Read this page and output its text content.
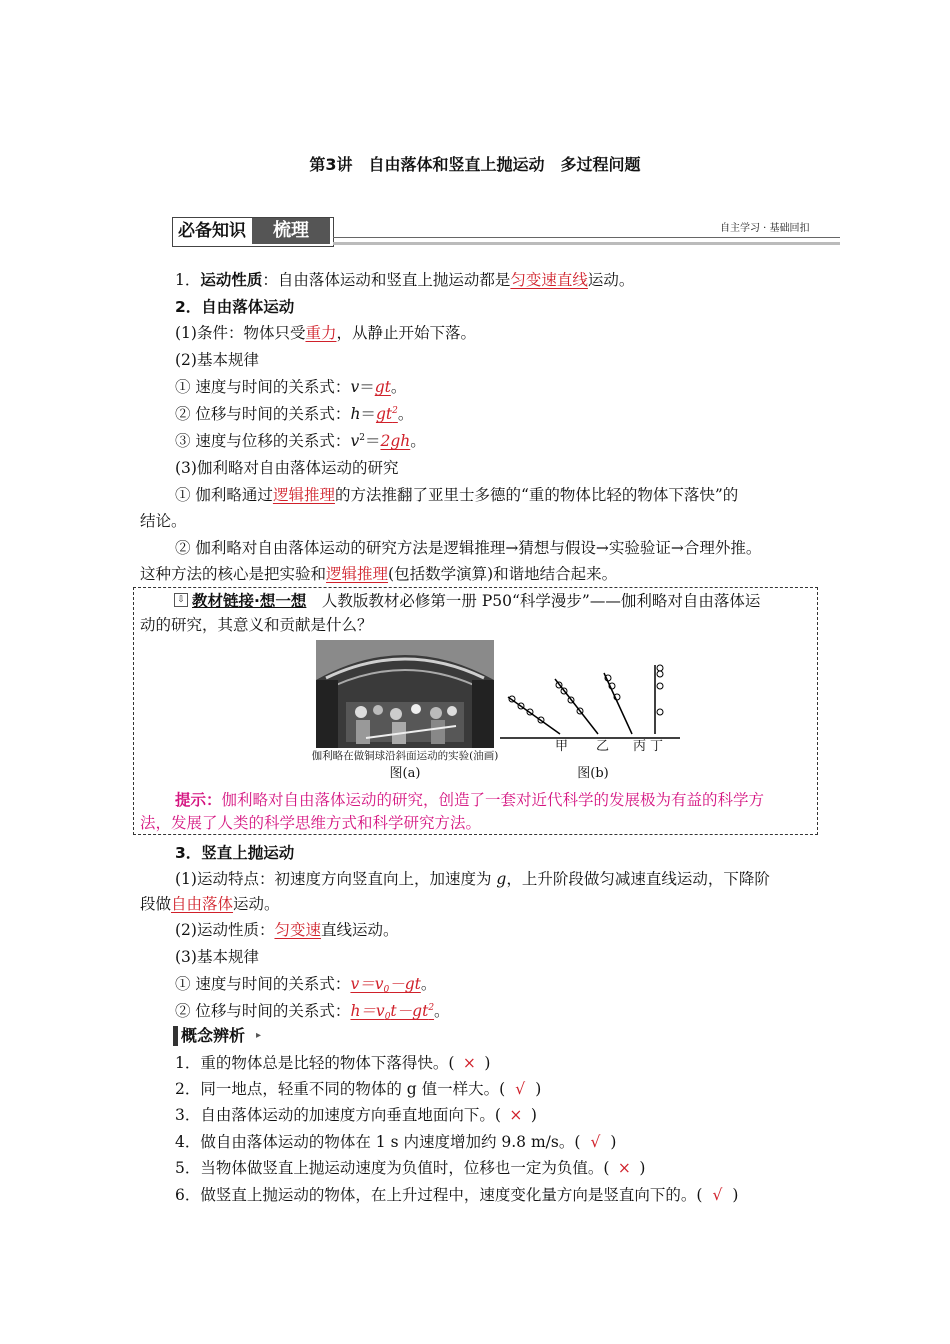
第3讲　自由落体和竖直上抛运动　多过程问题
必备知识	梳理	自主学习 · 基础回扣
1．运动性质：自由落体运动和竖直上抛运动都是匀变速直线运动。
2．自由落体运动
(1)条件：物体只受重力，从静止开始下落。
(2)基本规律
① 速度与时间的关系式：v＝gt。
② 位移与时间的关系式：$h=gt^2$。
③ 速度与位移的关系式：$v^2=2gh$。
(3)伽利略对自由落体运动的研究
① 伽利略通过逻辑推理的方法推翻了亚里士多德的“重的物体比轻的物体下落快”的
结论。
② 伽利略对自由落体运动的研究方法是逻辑推理→猜想与假设→实验验证→合理外推。
这种方法的核心是把实验和逻辑推理(包括数学演算)和谐地结合起来。
⇩ 教材链接·想一想　 人教版教材必修第一册 P50“科学漫步”——伽利略对自由落体运
动的研究，其意义和贡献是什么？
伽利略在做铜球沿斜面运动的实验(油画)
图(a)
甲 乙 丙 丁
图(b)
提示：伽利略对自由落体运动的研究，创造了一套对近代科学的发展极为有益的科学方
法，发展了人类的科学思维方式和科学研究方法。
3．竖直上抛运动
(1)运动特点：初速度方向竖直向上，加速度为 g，上升阶段做匀减速直线运动，下降阶
段做自由落体运动。
(2)运动性质：匀变速直线运动。
(3)基本规律
① 速度与时间的关系式：$v=v_0-gt$。
② 位移与时间的关系式：$h=v_0t-gt^2$。
概念辨析 ▸
1．重的物体总是比轻的物体下落得快。( × )
2．同一地点，轻重不同的物体的 g 值一样大。( √ )
3．自由落体运动的加速度方向垂直地面向下。( × )
4．做自由落体运动的物体在 1 s 内速度增加约 9.8 m/s。( √ )
5．当物体做竖直上抛运动速度为负值时，位移也一定为负值。( × )
6．做竖直上抛运动的物体，在上升过程中，速度变化量方向是竖直向下的。( √ )
